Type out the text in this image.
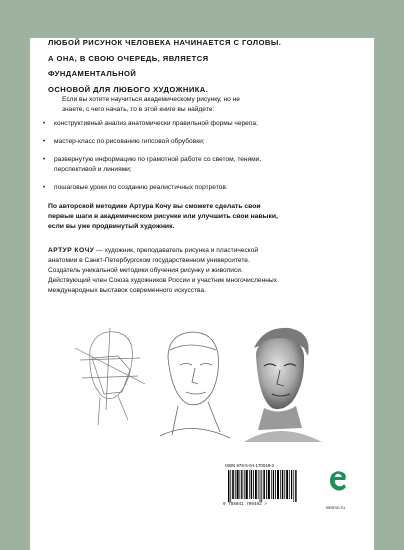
ЛЮБОЙ РИСУНОК ЧЕЛОВЕКА НАЧИНАЕТСЯ С ГОЛОВЫ.
А ОНА, В СВОЮ ОЧЕРЕДЬ, ЯВЛЯЕТСЯ ФУНДАМЕНТАЛЬНОЙ
ОСНОВОЙ ДЛЯ ЛЮБОГО ХУДОЖНИКА.
Если вы хотите научиться академическому рисунку, но не знаете, с чего начать, то в этой книге вы найдете:
• конструктивный анализ анатомически правильной формы черепа;
• мастер-класс по рисованию гипсовой обрубовки;
• развернутую информацию по грамотной работе со светом, тенями, перспективой и линиями;
• пошаговые уроки по созданию реалистичных портретов.
По авторской методике Артура Кочу вы сможете сделать свои первые шаги в академическом рисунке или улучшить свои навыки, если вы уже продвинутый художник.
АРТУР КОЧУ — художник, преподаватель рисунка и пластической анатомии в Санкт-Петербургском государственном университете. Создатель уникальной методики обучения рисунку и живописи. Действующий член Союза художников России и участник многочисленных международных выставок современного искусства.
ISBN 978-5-04-170049-2
9 785041 700492 >
eksmo.ru
